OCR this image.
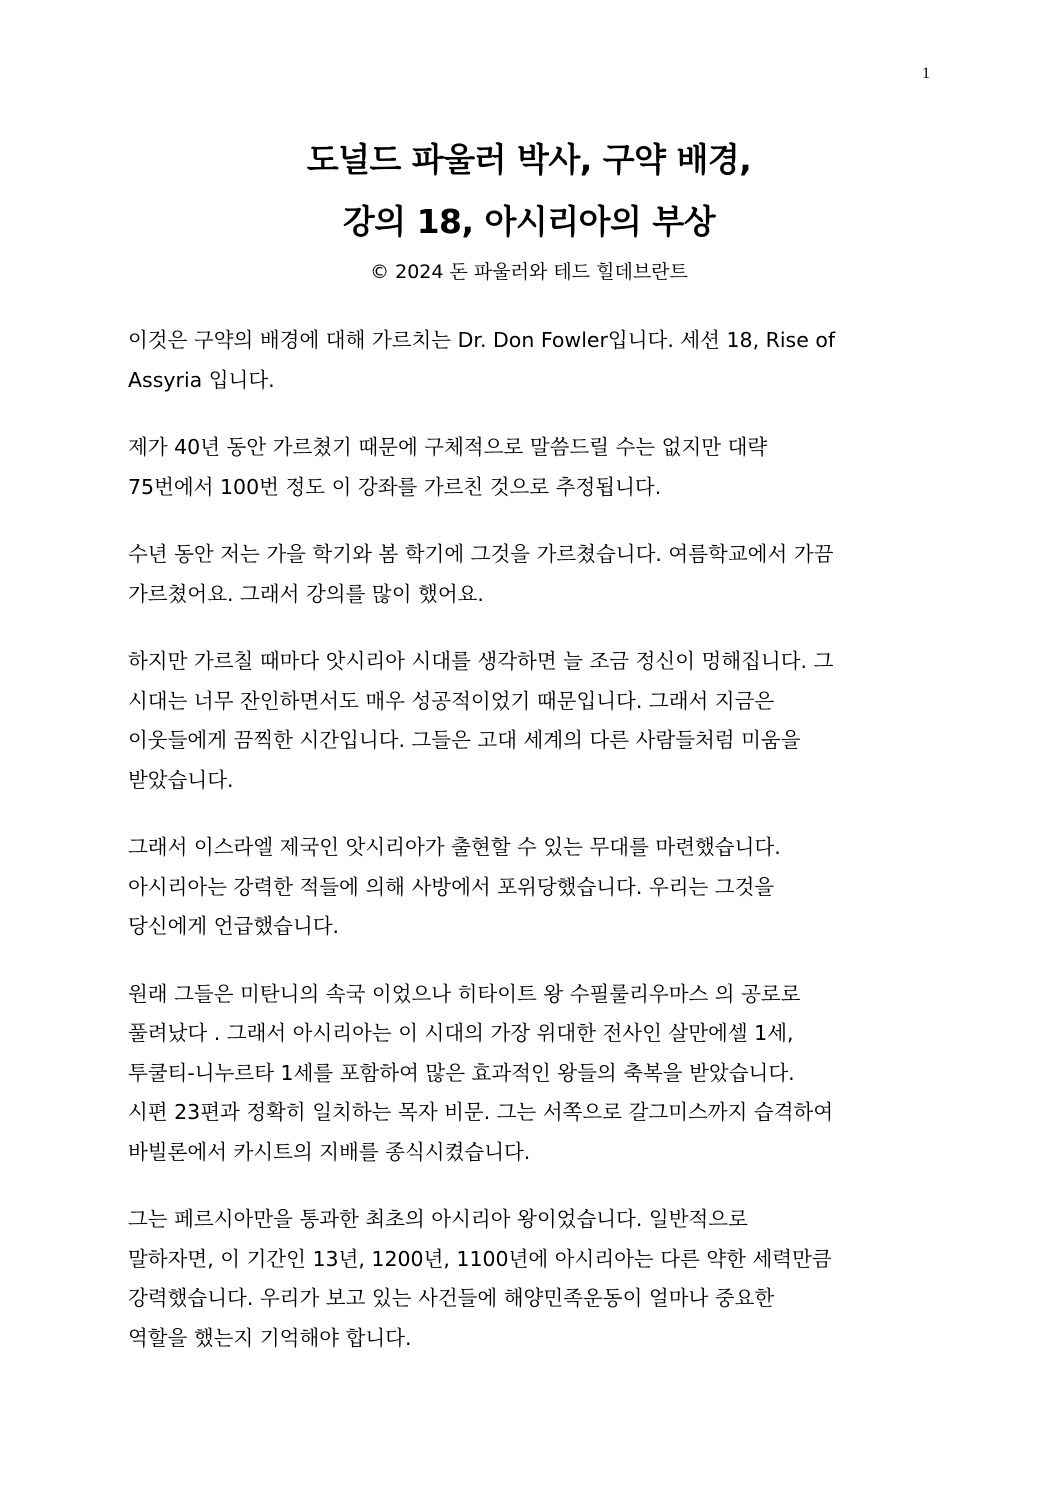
1
도널드 파울러 박사, 구약 배경,
강의 18, 아시리아의 부상
© 2024 돈 파울러와 테드 힐데브란트

이것은 구약의 배경에 대해 가르치는 Dr. Don Fowler입니다. 세션 18, Rise of
Assyria 입니다.

제가 40년 동안 가르쳤기 때문에 구체적으로 말씀드릴 수는 없지만 대략
75번에서 100번 정도 이 강좌를 가르친 것으로 추정됩니다.

수년 동안 저는 가을 학기와 봄 학기에 그것을 가르쳤습니다. 여름학교에서 가끔
가르쳤어요. 그래서 강의를 많이 했어요.

하지만 가르칠 때마다 앗시리아 시대를 생각하면 늘 조금 정신이 멍해집니다. 그
시대는 너무 잔인하면서도 매우 성공적이었기 때문입니다. 그래서 지금은
이웃들에게 끔찍한 시간입니다. 그들은 고대 세계의 다른 사람들처럼 미움을
받았습니다.

그래서 이스라엘 제국인 앗시리아가 출현할 수 있는 무대를 마련했습니다.
아시리아는 강력한 적들에 의해 사방에서 포위당했습니다. 우리는 그것을
당신에게 언급했습니다.

원래 그들은 미탄니의 속국 이었으나 히타이트 왕 수필룰리우마스 의 공로로
풀려났다 . 그래서 아시리아는 이 시대의 가장 위대한 전사인 살만에셀 1세,
투쿨티-니누르타 1세를 포함하여 많은 효과적인 왕들의 축복을 받았습니다.
시편 23편과 정확히 일치하는 목자 비문. 그는 서쪽으로 갈그미스까지 습격하여
바빌론에서 카시트의 지배를 종식시켰습니다.

그는 페르시아만을 통과한 최초의 아시리아 왕이었습니다. 일반적으로
말하자면, 이 기간인 13년, 1200년, 1100년에 아시리아는 다른 약한 세력만큼
강력했습니다. 우리가 보고 있는 사건들에 해양민족운동이 얼마나 중요한
역할을 했는지 기억해야 합니다.
